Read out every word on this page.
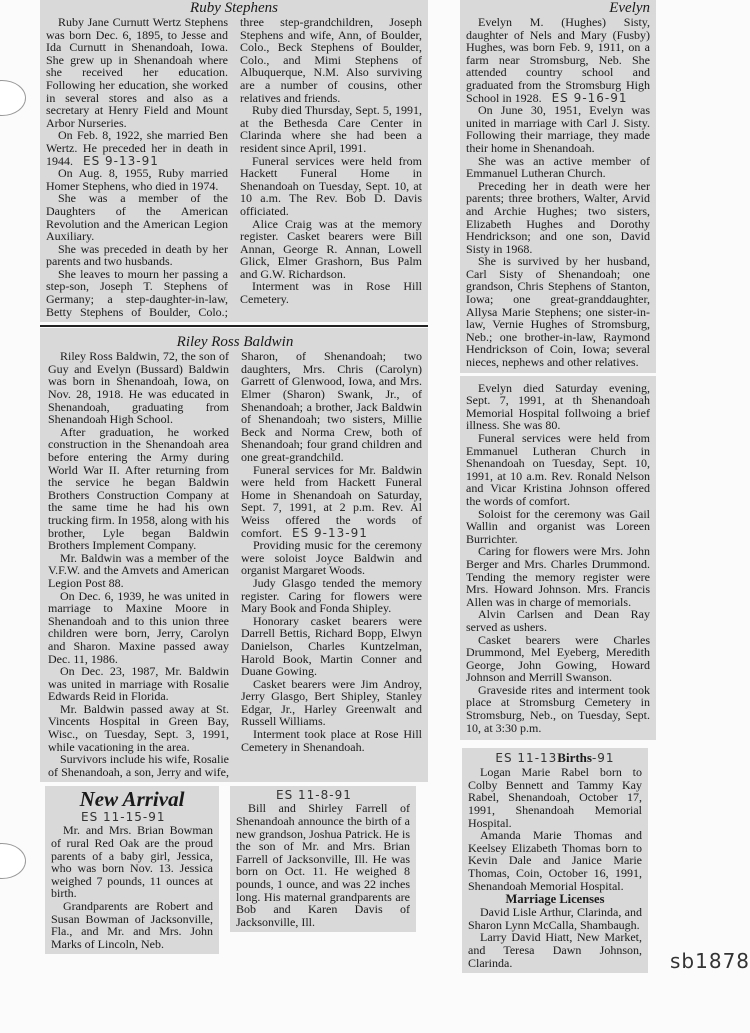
Ruby Stephens

Ruby Jane Curnutt Wertz Stephens was born Dec. 6, 1895, to Jesse and Ida Curnutt in Shenandoah, Iowa. She grew up in Shenandoah where she received her education. Following her education, she worked in several stores and also as a secretary at Henry Field and Mount Arbor Nurseries.

On Feb. 8, 1922, she married Ben Wertz. He preceded her in death in 1944. ES 9-13-91

On Aug. 8, 1955, Ruby married Homer Stephens, who died in 1974.

She was a member of the Daughters of the American Revolution and the American Legion Auxiliary.

She was preceded in death by her parents and two husbands.

She leaves to mourn her passing a step-son, Joseph T. Stephens of Germany; a step-daughter-in-law, Betty Stephens of Boulder, Colo.; three step-grandchildren, Joseph Stephens and wife, Ann, of Boulder, Colo., Beck Stephens of Boulder, Colo., and Mimi Stephens of Albuquerque, N.M. Also surviving are a number of cousins, other relatives and friends.

Ruby died Thursday, Sept. 5, 1991, at the Bethesda Care Center in Clarinda where she had been a resident since April, 1991.

Funeral services were held from Hackett Funeral Home in Shenandoah on Tuesday, Sept. 10, at 10 a.m. The Rev. Bob D. Davis officiated.

Alice Craig was at the memory register. Casket bearers were Bill Annan, George R. Annan, Lowell Glick, Elmer Grashorn, Bus Palm and G.W. Richardson.

Interment was in Rose Hill Cemetery.

Riley Ross Baldwin

Riley Ross Baldwin, 72, the son of Guy and Evelyn (Bussard) Baldwin was born in Shenandoah, Iowa, on Nov. 28, 1918. He was educated in Shenandoah, graduating from Shenandoah High School.

After graduation, he worked construction in the Shenandoah area before entering the Army during World War II. After returning from the service he began Baldwin Brothers Construction Company at the same time he had his own trucking firm. In 1958, along with his brother, Lyle began Baldwin Brothers Implement Company.

Mr. Baldwin was a member of the V.F.W. and the Amvets and American Legion Post 88.

On Dec. 6, 1939, he was united in marriage to Maxine Moore in Shenandoah and to this union three children were born, Jerry, Carolyn and Sharon. Maxine passed away Dec. 11, 1986.

On Dec. 23, 1987, Mr. Baldwin was united in marriage with Rosalie Edwards Reid in Florida.

Mr. Baldwin passed away at St. Vincents Hospital in Green Bay, Wisc., on Tuesday, Sept. 3, 1991, while vacationing in the area.

Survivors include his wife, Rosalie of Shenandoah, a son, Jerry and wife, Sharon, of Shenandoah; two daughters, Mrs. Chris (Carolyn) Garrett of Glenwood, Iowa, and Mrs. Elmer (Sharon) Swank, Jr., of Shenandoah; a brother, Jack Baldwin of Shenandoah; two sisters, Millie Beck and Norma Crew, both of Shenandoah; four grand children and one great-grandchild.

Funeral services for Mr. Baldwin were held from Hackett Funeral Home in Shenandoah on Saturday, Sept. 7, 1991, at 2 p.m. Rev. Al Weiss offered the words of comfort. ES 9-13-91

Providing music for the ceremony were soloist Joyce Baldwin and organist Margaret Woods.

Judy Glasgo tended the memory register. Caring for flowers were Mary Book and Fonda Shipley.

Honorary casket bearers were Darrell Bettis, Richard Bopp, Elwyn Danielson, Charles Kuntzelman, Harold Book, Martin Conner and Duane Gowing.

Casket bearers were Jim Androy, Jerry Glasgo, Bert Shipley, Stanley Edgar, Jr., Harley Greenwalt and Russell Williams.

Interment took place at Rose Hill Cemetery in Shenandoah.

New Arrival
ES 11-15-91

Mr. and Mrs. Brian Bowman of rural Red Oak are the proud parents of a baby girl, Jessica, who was born Nov. 13. Jessica weighed 7 pounds, 11 ounces at birth.

Grandparents are Robert and Susan Bowman of Jacksonville, Fla., and Mr. and Mrs. John Marks of Lincoln, Neb.

ES 11-8-91

Bill and Shirley Farrell of Shenandoah announce the birth of a new grandson, Joshua Patrick. He is the son of Mr. and Mrs. Brian Farrell of Jacksonville, Ill. He was born on Oct. 11. He weighed 8 pounds, 1 ounce, and was 22 inches long. His maternal grandparents are Bob and Karen Davis of Jacksonville, Ill.

Evelyn

Evelyn M. (Hughes) Sisty, daughter of Nels and Mary (Fusby) Hughes, was born Feb. 9, 1911, on a farm near Stromsburg, Neb. She attended country school and graduated from the Stromsburg High School in 1928. ES 9-16-91

On June 30, 1951, Evelyn was united in marriage with Carl J. Sisty. Following their marriage, they made their home in Shenandoah.

She was an active member of Emmanuel Lutheran Church.

Preceding her in death were her parents; three brothers, Walter, Arvid and Archie Hughes; two sisters, Elizabeth Hughes and Dorothy Hendrickson; and one son, David Sisty in 1968.

She is survived by her husband, Carl Sisty of Shenandoah; one grandson, Chris Stephens of Stanton, Iowa; one great-granddaughter, Allysa Marie Stephens; one sister-in-law, Vernie Hughes of Stromsburg, Neb.; one brother-in-law, Raymond Hendrickson of Coin, Iowa; several nieces, nephews and other relatives.

Evelyn died Saturday evening, Sept. 7, 1991, at th Shenandoah Memorial Hospital follwoing a brief illness. She was 80.

Funeral services were held from Emmanuel Lutheran Church in Shenandoah on Tuesday, Sept. 10, 1991, at 10 a.m. Rev. Ronald Nelson and Vicar Kristina Johnson offered the words of comfort.

Soloist for the ceremony was Gail Wallin and organist was Loreen Burrichter.

Caring for flowers were Mrs. John Berger and Mrs. Charles Drummond. Tending the memory register were Mrs. Howard Johnson. Mrs. Francis Allen was in charge of memorials.

Alvin Carlsen and Dean Ray served as ushers.

Casket bearers were Charles Drummond, Mel Eyeberg, Meredith George, John Gowing, Howard Johnson and Merrill Swanson.

Graveside rites and interment took place at Stromsburg Cemetery in Stromsburg, Neb., on Tuesday, Sept. 10, at 3:30 p.m.

ES 11-13Births-91

Logan Marie Rabel born to Colby Bennett and Tammy Kay Rabel, Shenandoah, October 17, 1991, Shenandoah Memorial Hospital.

Amanda Marie Thomas and Keelsey Elizabeth Thomas born to Kevin Dale and Janice Marie Thomas, Coin, October 16, 1991, Shenandoah Memorial Hospital.

Marriage Licenses

David Lisle Arthur, Clarinda, and Sharon Lynn McCalla, Shambaugh.

Larry David Hiatt, New Market, and Teresa Dawn Johnson, Clarinda.	sb1878
